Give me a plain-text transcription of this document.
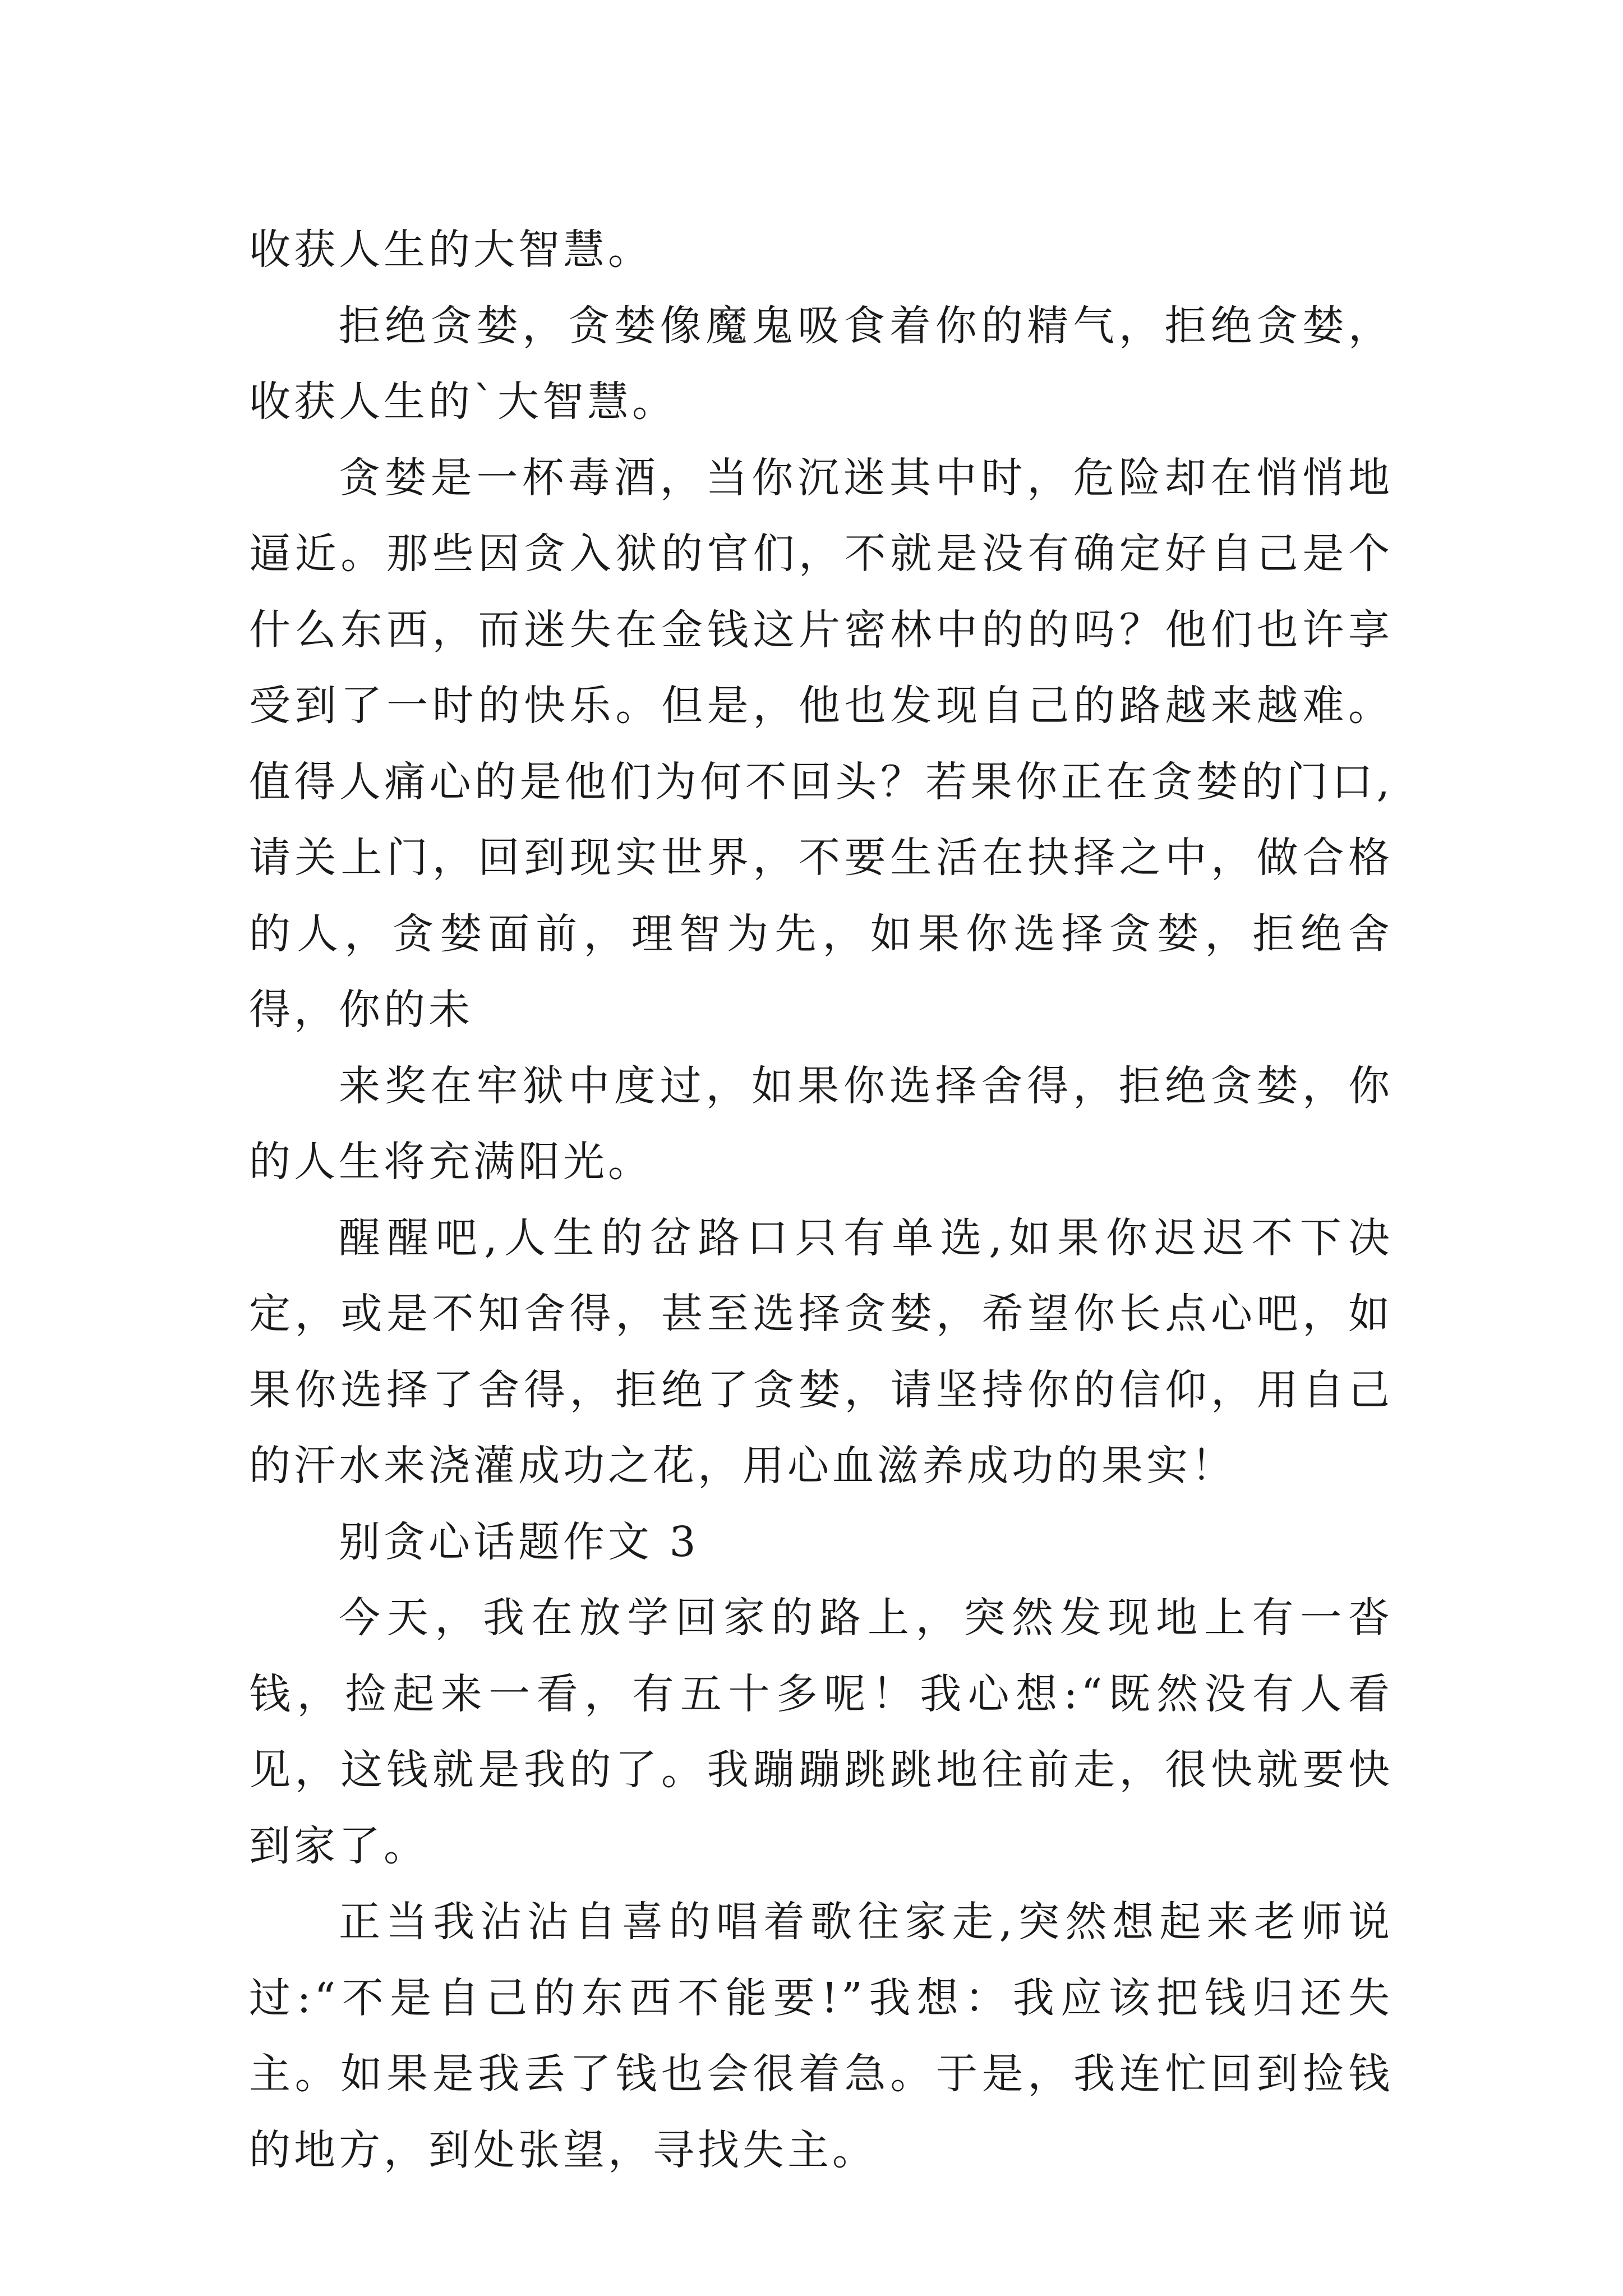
收获人生的大智慧。

拒绝贪婪，贪婪像魔鬼吸食着你的精气，拒绝贪婪，收获人生的`大智慧。

贪婪是一杯毒酒，当你沉迷其中时，危险却在悄悄地逼近。那些因贪入狱的官们，不就是没有确定好自己是个什么东西，而迷失在金钱这片密林中的的吗？他们也许享受到了一时的快乐。但是，他也发现自己的路越来越难。值得人痛心的是他们为何不回头？若果你正在贪婪的门口,请关上门，回到现实世界，不要生活在抉择之中，做合格的人，贪婪面前，理智为先，如果你选择贪婪，拒绝舍得，你的未

来奖在牢狱中度过，如果你选择舍得，拒绝贪婪，你的人生将充满阳光。

醒醒吧,人生的岔路口只有单选,如果你迟迟不下决定，或是不知舍得，甚至选择贪婪，希望你长点心吧，如果你选择了舍得，拒绝了贪婪，请坚持你的信仰，用自己的汗水来浇灌成功之花，用心血滋养成功的果实！

别贪心话题作文 3

今天，我在放学回家的路上，突然发现地上有一沓钱，捡起来一看，有五十多呢！我心想:“既然没有人看见，这钱就是我的了。我蹦蹦跳跳地往前走，很快就要快到家了。

正当我沾沾自喜的唱着歌往家走,突然想起来老师说过:“不是自己的东西不能要!”我想：我应该把钱归还失主。如果是我丢了钱也会很着急。于是，我连忙回到捡钱的地方，到处张望，寻找失主。
